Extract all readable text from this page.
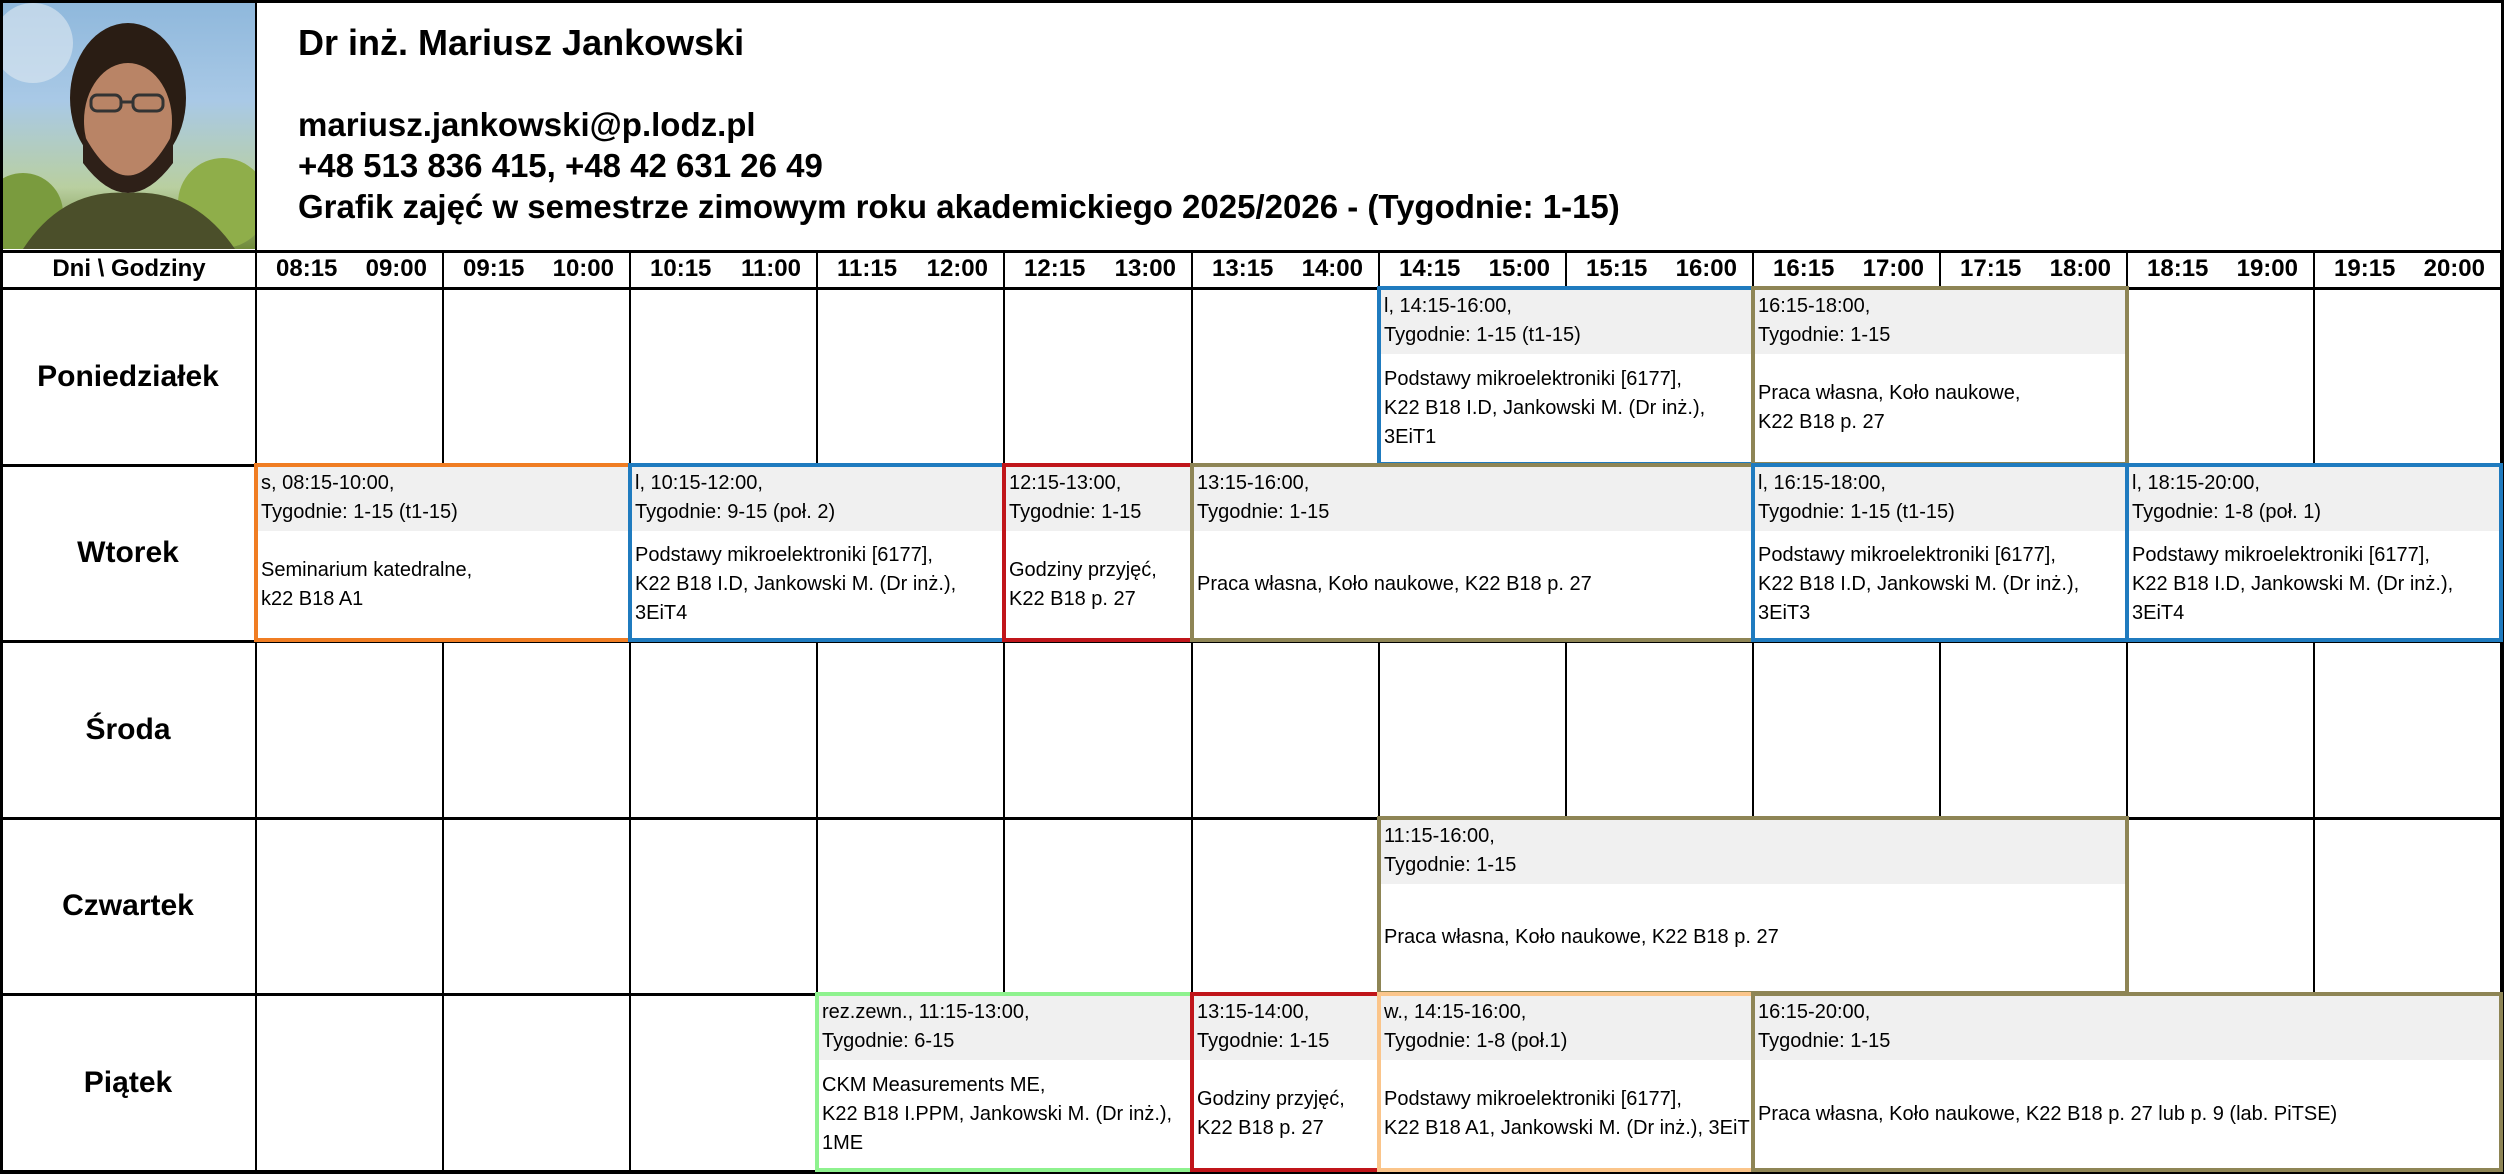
Dr inż. Mariusz Jankowski
mariusz.jankowski@p.lodz.pl
+48 513 836 415, +48 42 631 26 49
Grafik zajęć w semestrze zimowym roku akademickiego 2025/2026 - (Tygodnie: 1-15)
Dni \ Godziny	08:15 09:00 09:15 10:00 10:15 11:00 11:15 12:00 12:15 13:00 13:15 14:00 14:15 15:00 15:15 16:00 16:15 17:00 17:15 18:00 18:15 19:00 19:15 20:00
Poniedziałek
Wtorek
Środa
Czwartek
Piątek
l, 14:15-16:00,
Tygodnie: 1-15 (t1-15)
Podstawy mikroelektroniki [6177],
K22 B18 I.D, Jankowski M. (Dr inż.),
3EiT1
16:15-18:00,
Tygodnie: 1-15
Praca własna, Koło naukowe,
K22 B18 p. 27
s, 08:15-10:00,
Tygodnie: 1-15 (t1-15)
Seminarium katedralne,
k22 B18 A1
l, 10:15-12:00,
Tygodnie: 9-15 (poł. 2)
Podstawy mikroelektroniki [6177],
K22 B18 I.D, Jankowski M. (Dr inż.),
3EiT4
12:15-13:00,
Tygodnie: 1-15
Godziny przyjęć,
K22 B18 p. 27
13:15-16:00,
Tygodnie: 1-15
Praca własna, Koło naukowe, K22 B18 p. 27
l, 16:15-18:00,
Tygodnie: 1-15 (t1-15)
Podstawy mikroelektroniki [6177],
K22 B18 I.D, Jankowski M. (Dr inż.),
3EiT3
l, 18:15-20:00,
Tygodnie: 1-8 (poł. 1)
Podstawy mikroelektroniki [6177],
K22 B18 I.D, Jankowski M. (Dr inż.),
3EiT4
11:15-16:00,
Tygodnie: 1-15
Praca własna, Koło naukowe, K22 B18 p. 27
rez.zewn., 11:15-13:00,
Tygodnie: 6-15
CKM Measurements ME,
K22 B18 I.PPM, Jankowski M. (Dr inż.),
1ME
13:15-14:00,
Tygodnie: 1-15
Godziny przyjęć,
K22 B18 p. 27
w., 14:15-16:00,
Tygodnie: 1-8 (poł.1)
Podstawy mikroelektroniki [6177],
K22 B18 A1, Jankowski M. (Dr inż.), 3EiT
16:15-20:00,
Tygodnie: 1-15
Praca własna, Koło naukowe, K22 B18 p. 27 lub p. 9 (lab. PiTSE)
